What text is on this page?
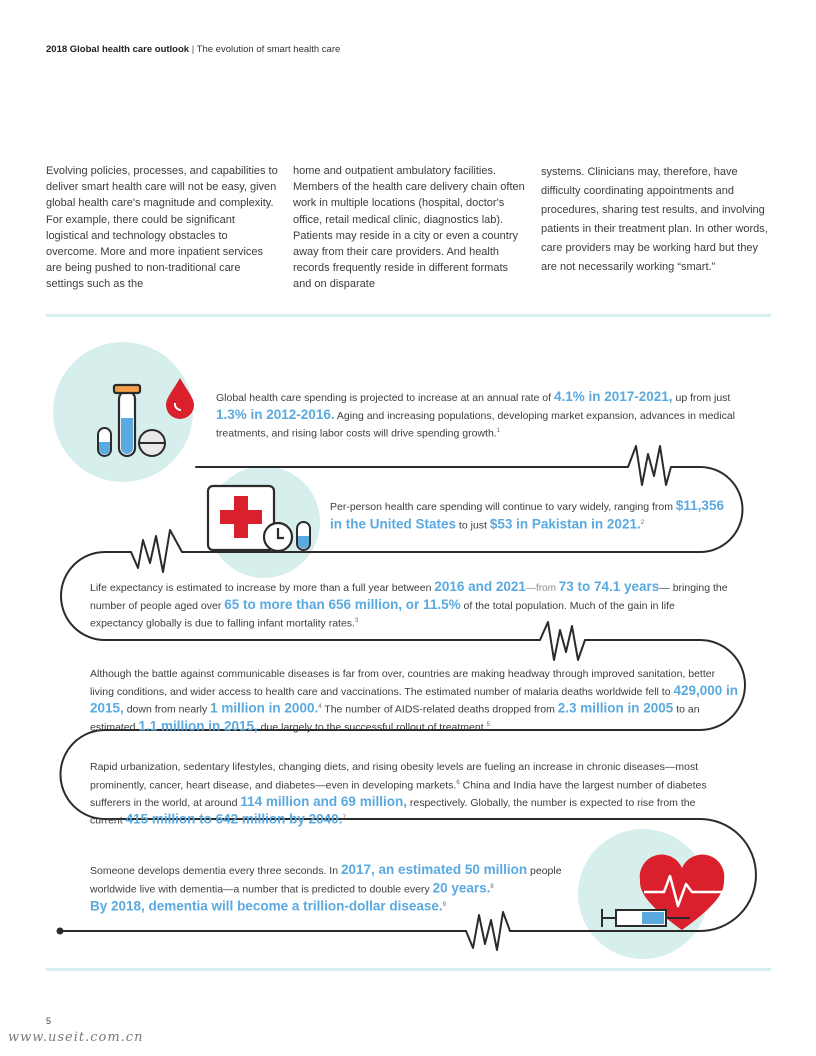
2018 Global health care outlook | The evolution of smart health care
Evolving policies, processes, and capabilities to deliver smart health care will not be easy, given global health care's magnitude and complexity. For example, there could be significant logistical and technology obstacles to overcome. More and more inpatient services are being pushed to non-traditional care settings such as the
home and outpatient ambulatory facilities. Members of the health care delivery chain often work in multiple locations (hospital, doctor's office, retail medical clinic, diagnostics lab). Patients may reside in a city or even a country away from their care providers. And health records frequently reside in different formats and on disparate
systems. Clinicians may, therefore, have difficulty coordinating appointments and procedures, sharing test results, and involving patients in their treatment plan. In other words, care providers may be working hard but they are not necessarily working “smart.”
Global health care spending is projected to increase at an annual rate of 4.1% in 2017-2021, up from just 1.3% in 2012-2016. Aging and increasing populations, developing market expansion, advances in medical treatments, and rising labor costs will drive spending growth.$^1$
Per-person health care spending will continue to vary widely, ranging from $11,356 in the United States to just $53 in Pakistan in 2021.$^2$
Life expectancy is estimated to increase by more than a full year between 2016 and 2021—from 73 to 74.1 years— bringing the number of people aged over 65 to more than 656 million, or 11.5% of the total population. Much of the gain in life expectancy globally is due to falling infant mortality rates.$^3$
Although the battle against communicable diseases is far from over, countries are making headway through improved sanitation, better living conditions, and wider access to health care and vaccinations. The estimated number of malaria deaths worldwide fell to 429,000 in 2015, down from nearly 1 million in 2000.$^4$ The number of AIDS-related deaths dropped from 2.3 million in 2005 to an estimated 1.1 million in 2015, due largely to the successful rollout of treatment.$^5$
Rapid urbanization, sedentary lifestyles, changing diets, and rising obesity levels are fueling an increase in chronic diseases—most prominently, cancer, heart disease, and diabetes—even in developing markets.$^6$ China and India have the largest number of diabetes sufferers in the world, at around 114 million and 69 million, respectively. Globally, the number is expected to rise from the current 415 million to 642 million by 2040.$^7$
Someone develops dementia every three seconds. In 2017, an estimated 50 million people worldwide live with dementia—a number that is predicted to double every 20 years.$^8$
By 2018, dementia will become a trillion-dollar disease.$^9$
5
www.useit.com.cn
